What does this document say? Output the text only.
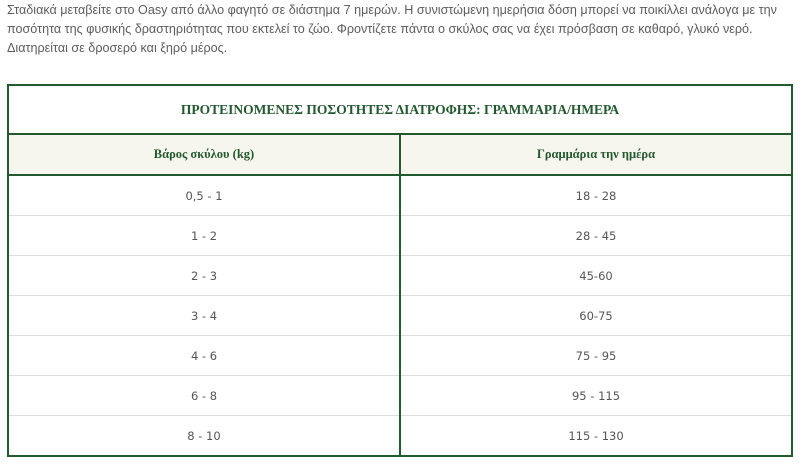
Σταδιακά μεταβείτε στο Oasy από άλλο φαγητό σε διάστημα 7 ημερών. Η συνιστώμενη ημερήσια δόση μπορεί να ποικίλλει ανάλογα με την

ποσότητα της φυσικής δραστηριότητας που εκτελεί το ζώο. Φροντίζετε πάντα ο σκύλος σας να έχει πρόσβαση σε καθαρό, γλυκό νερό.

Διατηρείται σε δροσερό και ξηρό μέρος.

ΠΡΟΤΕΙΝΟΜΕΝΕΣ ΠΟΣΟΤΗΤΕΣ ΔΙΑΤΡΟΦΗΣ: ΓΡΑΜΜΑΡΙΑ/ΗΜΕΡΑ	
Βάρος σκύλου (kg)	Γραμμάρια την ημέρα
0,5 - 1	18 - 28
1 - 2	28 - 45
2 - 3	45-60
3 - 4	60-75
4 - 6	75 - 95
6 - 8	95 - 115
8 - 10	115 - 130
